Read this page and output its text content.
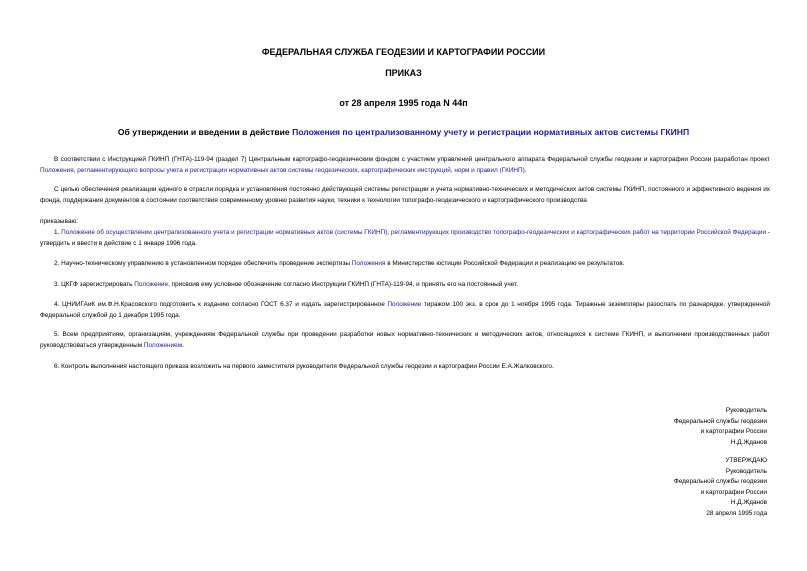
ФЕДЕРАЛЬНАЯ СЛУЖБА ГЕОДЕЗИИ И КАРТОГРАФИИ РОССИИ
ПРИКАЗ
от 28 апреля 1995 года N 44п
Об утверждении и введении в действие Положения по централизованному учету и регистрации нормативных актов системы ГКИНП
В соответствии с Инструкцией ГКИНП (ГНТА)-119-94 (раздел 7) Центральным картографо-геодезическим фондом с участием управлений центрального аппарата Федеральной службы геодезии и картографии России разработан проект Положения, регламентирующего вопросы учета и регистрации нормативных актов системы геодезических, картографических инструкций, норм и правил (ГКИНП).
С целью обеспечения реализации единого в отрасли порядка и установления постоянно действующей системы регистрации и учета нормативно-технических и методических актов системы ГКИНП, постоянного и эффективного ведения их фонда, поддержания документов в состоянии соответствия современному уровню развития науки, техники к технологии топографо-геодезического и картографического производства
приказываю:
1. Положение об осуществлении централизованного учета и регистрации нормативных актов (системы ГКИНП), регламентирующих производство топографо-геодезических и картографических работ на территории Российской Федерации - утвердить и ввести в действие с 1 января 1996 года.
2. Научно-техническому управлению в установленном порядке обеспечить проведение экспертизы Положения в Министерстве юстиции Российской Федерации и реализацию ее результатов.
3. ЦКГФ зарегистрировать Положение, присвоив ему условное обозначение согласно Инструкции ГКИНП (ГНТА)-119-94, и принять его на постоянный учет.
4. ЦНИИГАиК им.Ф.Н.Красовского подготовить к изданию согласно ГОСТ 6.37 и издать зарегистрированное Положение тиражом 100 экз. в срок до 1 ноября 1995 года. Тиражные экземпляры разослать по разнарядке, утвержденной Федеральной службой до 1 декабря 1995 года.
5. Всем предприятиям, организациям, учреждениям Федеральной службы при проведении разработки новых нормативно-технических и методических актов, относящихся к системе ГКИНП, и выполнении производственных работ руководствоваться утвержденным Положением.
6. Контроль выполнения настоящего приказа возложить на первого заместителя руководителя Федеральной службы геодезии и картографии России Е.А.Жалковского.
Руководитель
Федеральной службы геодезии
и картографии России
Н.Д.Жданов
УТВЕРЖДАЮ
Руководитель
Федеральной службы геодезии
и картографии России
Н.Д.Жданов
28 апреля 1995 года
